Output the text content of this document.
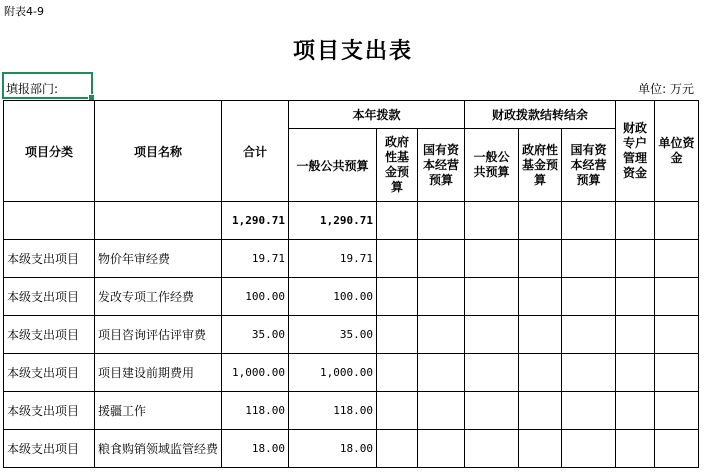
附表4-9
项目支出表
填报部门:	单位: 万元
项目分类	项目名称	合计	本年拨款			财政拨款结转结余			财政专户管理资金	单位资金
			一般公共预算	政府性基金预算	国有资本经营预算	一般公共预算	政府性基金预算	国有资本经营预算		
		1,290.71	1,290.71							
本级支出项目	物价年审经费	19.71	19.71							
本级支出项目	发改专项工作经费	100.00	100.00							
本级支出项目	项目咨询评估评审费	35.00	35.00							
本级支出项目	项目建设前期费用	1,000.00	1,000.00							
本级支出项目	援疆工作	118.00	118.00							
本级支出项目	粮食购销领域监管经费	18.00	18.00							
